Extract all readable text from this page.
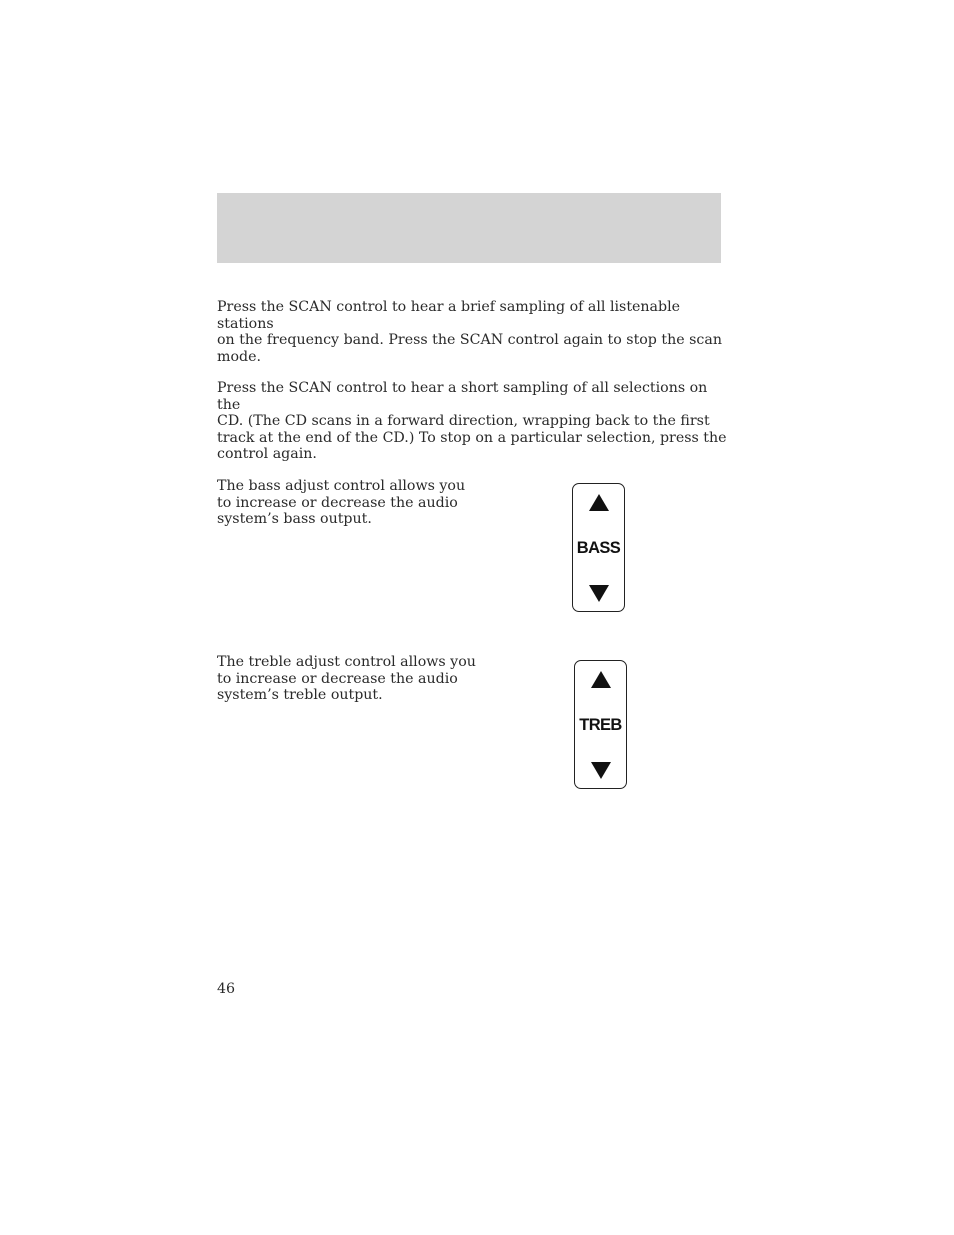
Press the SCAN control to hear a brief sampling of all listenable stations
on the frequency band. Press the SCAN control again to stop the scan
mode.

Press the SCAN control to hear a short sampling of all selections on the
CD. (The CD scans in a forward direction, wrapping back to the first
track at the end of the CD.) To stop on a particular selection, press the
control again.

The bass adjust control allows you
to increase or decrease the audio
system’s bass output.

BASS

The treble adjust control allows you
to increase or decrease the audio
system’s treble output.

TREB

46
